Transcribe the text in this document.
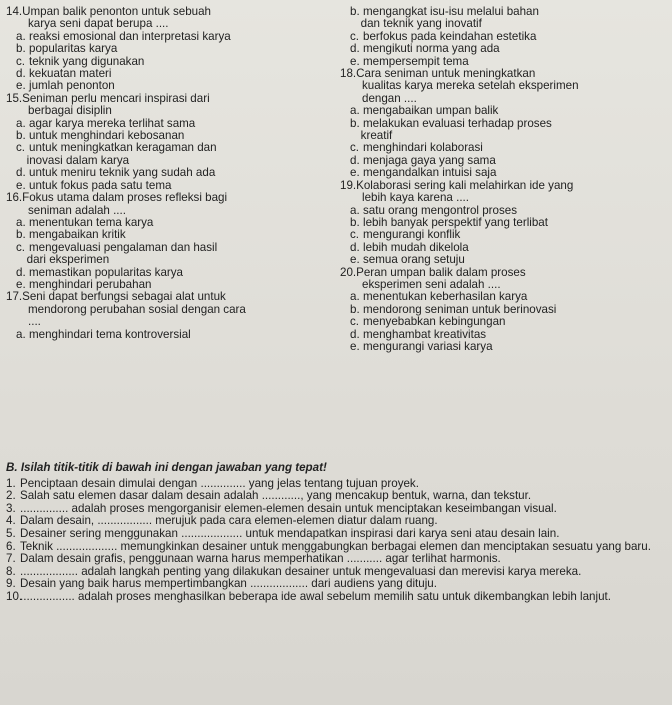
14.Umpan balik penonton untuk sebuah
karya seni dapat berupa ....
a. reaksi emosional dan interpretasi karya
b. popularitas karya
c. teknik yang digunakan
d. kekuatan materi
e. jumlah penonton
15.Seniman perlu mencari inspirasi dari
berbagai disiplin
a. agar karya mereka terlihat sama
b. untuk menghindari kebosanan
c. untuk meningkatkan keragaman dan
inovasi dalam karya
d. untuk meniru teknik yang sudah ada
e. untuk fokus pada satu tema
16.Fokus utama dalam proses refleksi bagi
seniman adalah ....
a. menentukan tema karya
b. mengabaikan kritik
c. mengevaluasi pengalaman dan hasil
dari eksperimen
d. memastikan popularitas karya
e. menghindari perubahan
17.Seni dapat berfungsi sebagai alat untuk
mendorong perubahan sosial dengan cara
....
a. menghindari tema kontroversial
b. mengangkat isu-isu melalui bahan
dan teknik yang inovatif
c. berfokus pada keindahan estetika
d. mengikuti norma yang ada
e. mempersempit tema
18.Cara seniman untuk meningkatkan
kualitas karya mereka setelah eksperimen
dengan ....
a. mengabaikan umpan balik
b. melakukan evaluasi terhadap proses
kreatif
c. menghindari kolaborasi
d. menjaga gaya yang sama
e. mengandalkan intuisi saja
19.Kolaborasi sering kali melahirkan ide yang
lebih kaya karena ....
a. satu orang mengontrol proses
b. lebih banyak perspektif yang terlibat
c. mengurangi konflik
d. lebih mudah dikelola
e. semua orang setuju
20.Peran umpan balik dalam proses
eksperimen seni adalah ....
a. menentukan keberhasilan karya
b. mendorong seniman untuk berinovasi
c. menyebabkan kebingungan
d. menghambat kreativitas
e. mengurangi variasi karya
B. Isilah titik-titik di bawah ini dengan jawaban yang tepat!
1. Penciptaan desain dimulai dengan .............. yang jelas tentang tujuan proyek.
2. Salah satu elemen dasar dalam desain adalah ............, yang mencakup bentuk, warna, dan tekstur.
3. ............... adalah proses mengorganisir elemen-elemen desain untuk menciptakan keseimbangan visual.
4. Dalam desain, ................. merujuk pada cara elemen-elemen diatur dalam ruang.
5. Desainer sering menggunakan ................... untuk mendapatkan inspirasi dari karya seni atau desain lain.
6. Teknik ................... memungkinkan desainer untuk menggabungkan berbagai elemen dan menciptakan sesuatu yang baru.
7. Dalam desain grafis, penggunaan warna harus memperhatikan ........... agar terlihat harmonis.
8. .................. adalah langkah penting yang dilakukan desainer untuk mengevaluasi dan merevisi karya mereka.
9. Desain yang baik harus mempertimbangkan .................. dari audiens yang dituju.
10.................. adalah proses menghasilkan beberapa ide awal sebelum memilih satu untuk dikembangkan lebih lanjut.
